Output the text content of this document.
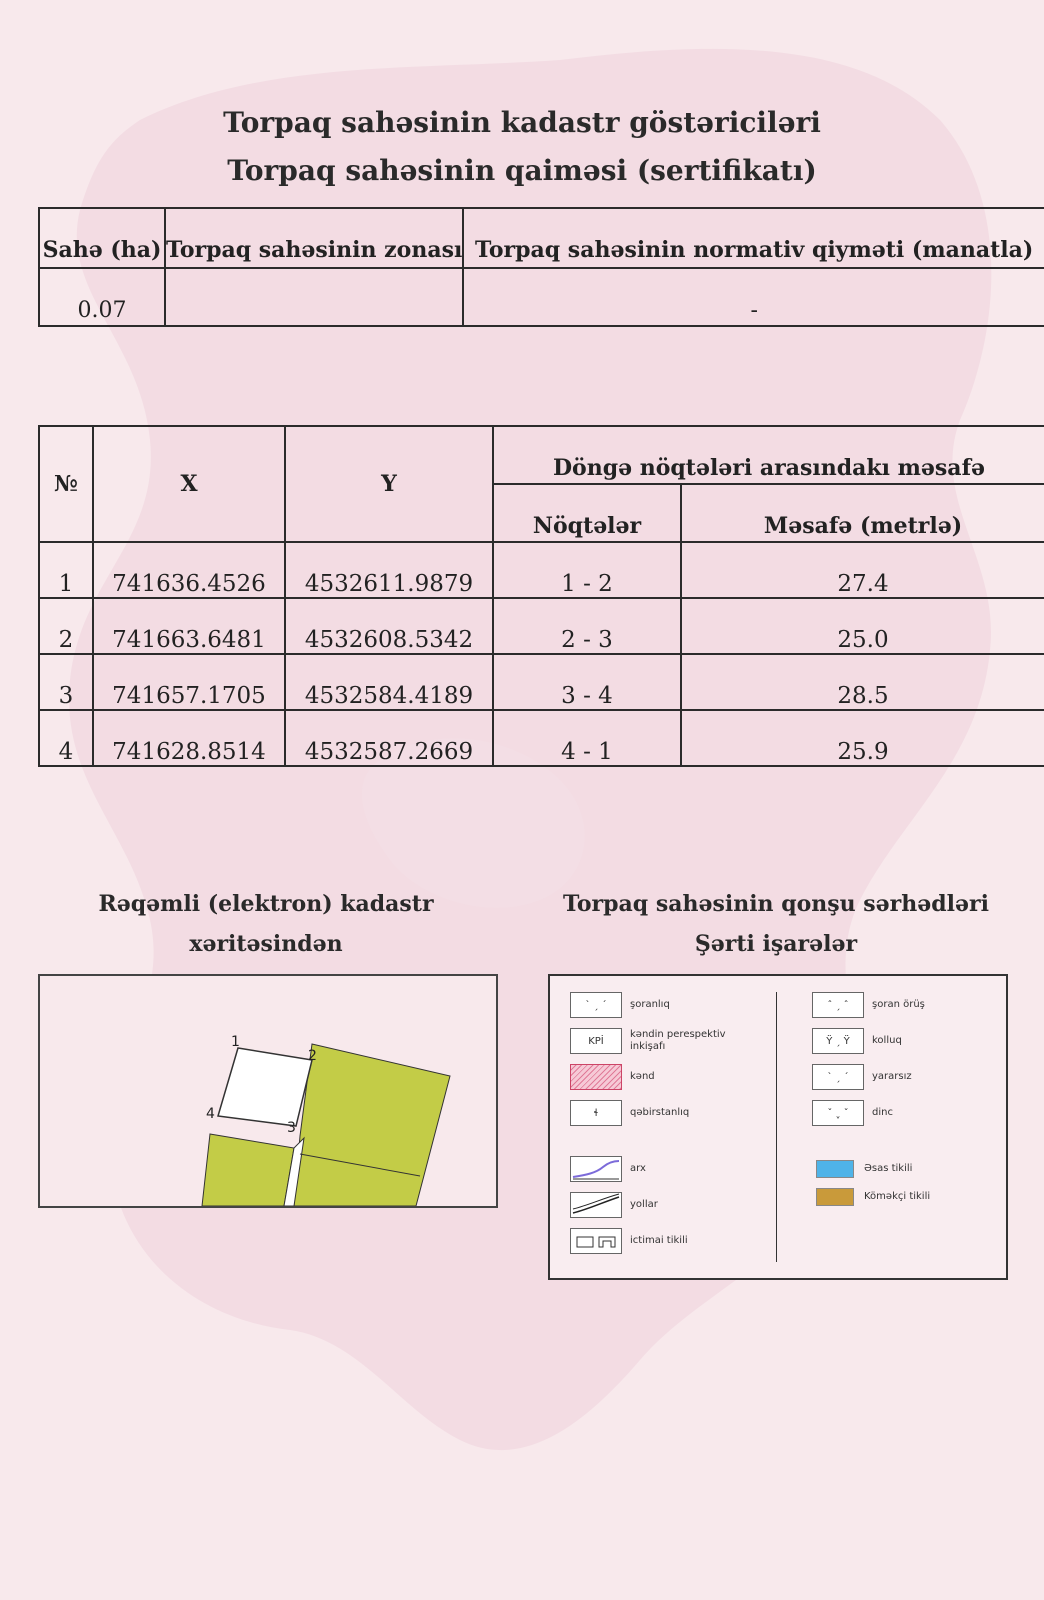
Torpaq sahəsinin kadastr göstəriciləri
Torpaq sahəsinin qaiməsi (sertifikatı)
Sahə (ha)	Torpaq sahəsinin zonası	Torpaq sahəsinin normativ qiyməti (manatla)
0.07		-
№	X	Y	Döngə nöqtələri arasındakı məsafə	
			Nöqtələr	Məsafə (metrlə)
1	741636.4526	4532611.9879	1 - 2	27.4
2	741663.6481	4532608.5342	2 - 3	25.0
3	741657.1705	4532584.4189	3 - 4	28.5
4	741628.8514	4532587.2669	4 - 1	25.9
Rəqəmli (elektron) kadastr xəritəsindən
Torpaq sahəsinin qonşu sərhədləri
Şərti işarələr
1
2
3
4
ˋ ˏ ˊ	şoranlıq
KPİ
kəndin perespektiv inkişafı
kənd
ɬ	qəbirstanlıq
arx
yollar
ictimai tikili
ˆ ˏ ˆ	şoran örüş
Ÿ ˏ Ÿ	kolluq
ˋ ˏ ˊ	yararsız
ˇ ˬ ˇ	dinc
Əsas tikili
Köməkçi tikili
